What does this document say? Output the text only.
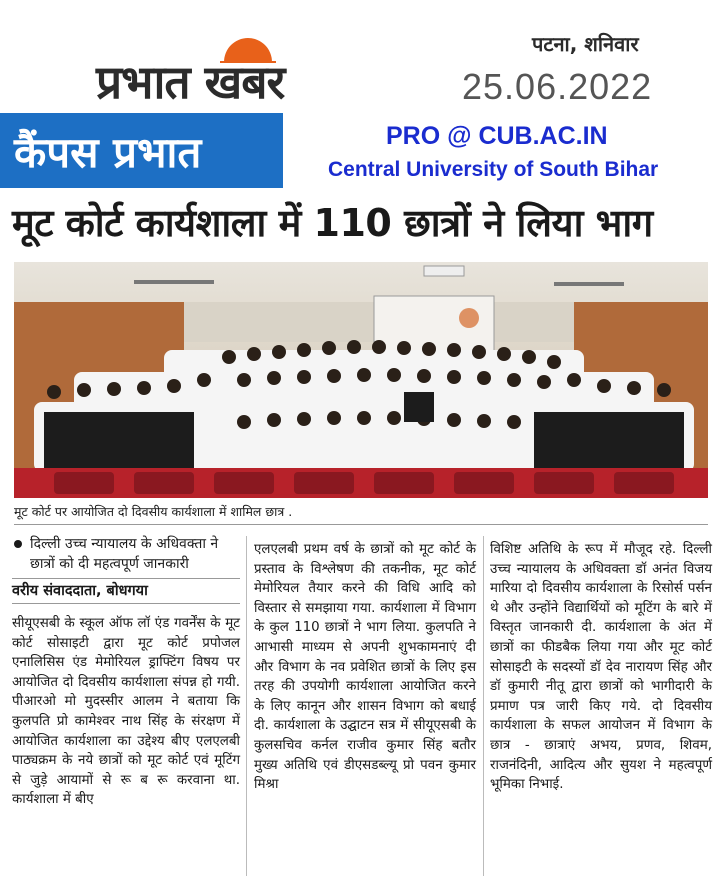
प्रभात खबर
पटना, शनिवार
25.06.2022
कैंपस प्रभात	PRO @ CUB.AC.IN
Central University of South Bihar
मूट कोर्ट कार्यशाला में 110 छात्रों ने लिया भाग
मूट कोर्ट पर आयोजित दो दिवसीय कार्यशाला में शामिल छात्र .
दिल्ली उच्च न्यायालय के अधिवक्ता ने छात्रों को दी महत्वपूर्ण जानकारी
वरीय संवाददाता, बोधगया
सीयूएसबी के स्कूल ऑफ लॉ एंड गवर्नेंस के मूट कोर्ट सोसाइटी द्वारा मूट कोर्ट प्रपोजल एनालिसिस एंड मेमोरियल ड्राफ्टिंग विषय पर आयोजित दो दिवसीय कार्यशाला संपन्न हो गयी. पीआरओ मो मुदस्सीर आलम ने बताया कि कुलपति प्रो कामेश्वर नाथ सिंह के संरक्षण में आयोजित कार्यशाला का उद्देश्य बीए एलएलबी पाठ्यक्रम के नये छात्रों को मूट कोर्ट एवं मूटिंग से जुड़े आयामों से रू ब रू करवाना था. कार्यशाला में बीए
एलएलबी प्रथम वर्ष के छात्रों को मूट कोर्ट के प्रस्ताव के विश्लेषण की तकनीक, मूट कोर्ट मेमोरियल तैयार करने की विधि आदि को विस्तार से समझाया गया. कार्यशाला में विभाग के कुल 110 छात्रों ने भाग लिया. कुलपति ने आभासी माध्यम से अपनी शुभकामनाएं दी और विभाग के नव प्रवेशित छात्रों के लिए इस तरह की उपयोगी कार्यशाला आयोजित करने के लिए कानून और शासन विभाग को बधाई दी. कार्यशाला के उद्घाटन सत्र में सीयूएसबी के कुलसचिव कर्नल राजीव कुमार सिंह बतौर मुख्य अतिथि एवं डीएसडब्ल्यू प्रो पवन कुमार मिश्रा
विशिष्ट अतिथि के रूप में मौजूद रहे. दिल्ली उच्च न्यायालय के अधिवक्ता डॉ अनंत विजय मारिया दो दिवसीय कार्यशाला के रिसोर्स पर्सन थे और उन्होंने विद्यार्थियों को मूटिंग के बारे में विस्तृत जानकारी दी. कार्यशाला के अंत में छात्रों का फीडबैक लिया गया और मूट कोर्ट सोसाइटी के सदस्यों डॉ देव नारायण सिंह और डॉ कुमारी नीतू द्वारा छात्रों को भागीदारी के प्रमाण पत्र जारी किए गये. दो दिवसीय कार्यशाला के सफल आयोजन में विभाग के छात्र - छात्राएं अभय, प्रणव, शिवम, राजनंदिनी, आदित्य और सुयश ने महत्वपूर्ण भूमिका निभाई.
